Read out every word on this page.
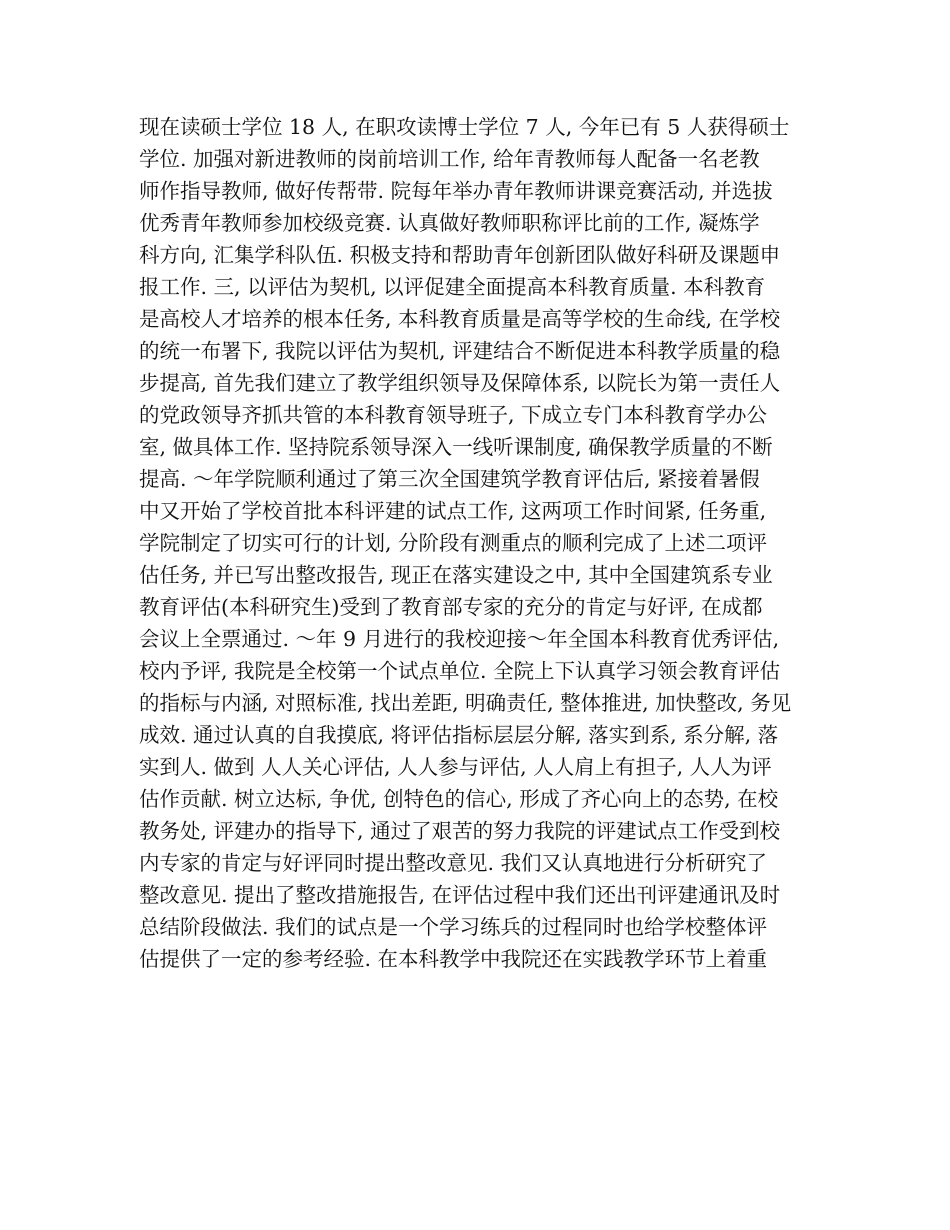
现在读硕士学位 18 人, 在职攻读博士学位 7 人, 今年已有 5 人获得硕士
学位. 加强对新进教师的岗前培训工作, 给年青教师每人配备一名老教
师作指导教师, 做好传帮带. 院每年举办青年教师讲课竞赛活动, 并选拔
优秀青年教师参加校级竞赛. 认真做好教师职称评比前的工作, 凝炼学
科方向, 汇集学科队伍. 积极支持和帮助青年创新团队做好科研及课题申
报工作. 三, 以评估为契机, 以评促建全面提高本科教育质量. 本科教育
是高校人才培养的根本任务, 本科教育质量是高等学校的生命线, 在学校
的统一布署下, 我院以评估为契机, 评建结合不断促进本科教学质量的稳
步提高, 首先我们建立了教学组织领导及保障体系, 以院长为第一责任人
的党政领导齐抓共管的本科教育领导班子, 下成立专门本科教育学办公
室, 做具体工作. 坚持院系领导深入一线听课制度, 确保教学质量的不断
提高. ～年学院顺利通过了第三次全国建筑学教育评估后, 紧接着暑假
中又开始了学校首批本科评建的试点工作, 这两项工作时间紧, 任务重,
学院制定了切实可行的计划, 分阶段有测重点的顺利完成了上述二项评
估任务, 并已写出整改报告, 现正在落实建设之中, 其中全国建筑系专业
教育评估(本科研究生)受到了教育部专家的充分的肯定与好评, 在成都
会议上全票通过. ～年 9 月进行的我校迎接～年全国本科教育优秀评估,
校内予评, 我院是全校第一个试点单位. 全院上下认真学习领会教育评估
的指标与内涵, 对照标准, 找出差距, 明确责任, 整体推进, 加快整改, 务见
成效. 通过认真的自我摸底, 将评估指标层层分解, 落实到系, 系分解, 落
实到人. 做到 人人关心评估, 人人参与评估, 人人肩上有担子, 人人为评
估作贡献. 树立达标, 争优, 创特色的信心, 形成了齐心向上的态势, 在校
教务处, 评建办的指导下, 通过了艰苦的努力我院的评建试点工作受到校
内专家的肯定与好评同时提出整改意见. 我们又认真地进行分析研究了
整改意见. 提出了整改措施报告, 在评估过程中我们还出刊评建通讯及时
总结阶段做法. 我们的试点是一个学习练兵的过程同时也给学校整体评
估提供了一定的参考经验. 在本科教学中我院还在实践教学环节上着重
